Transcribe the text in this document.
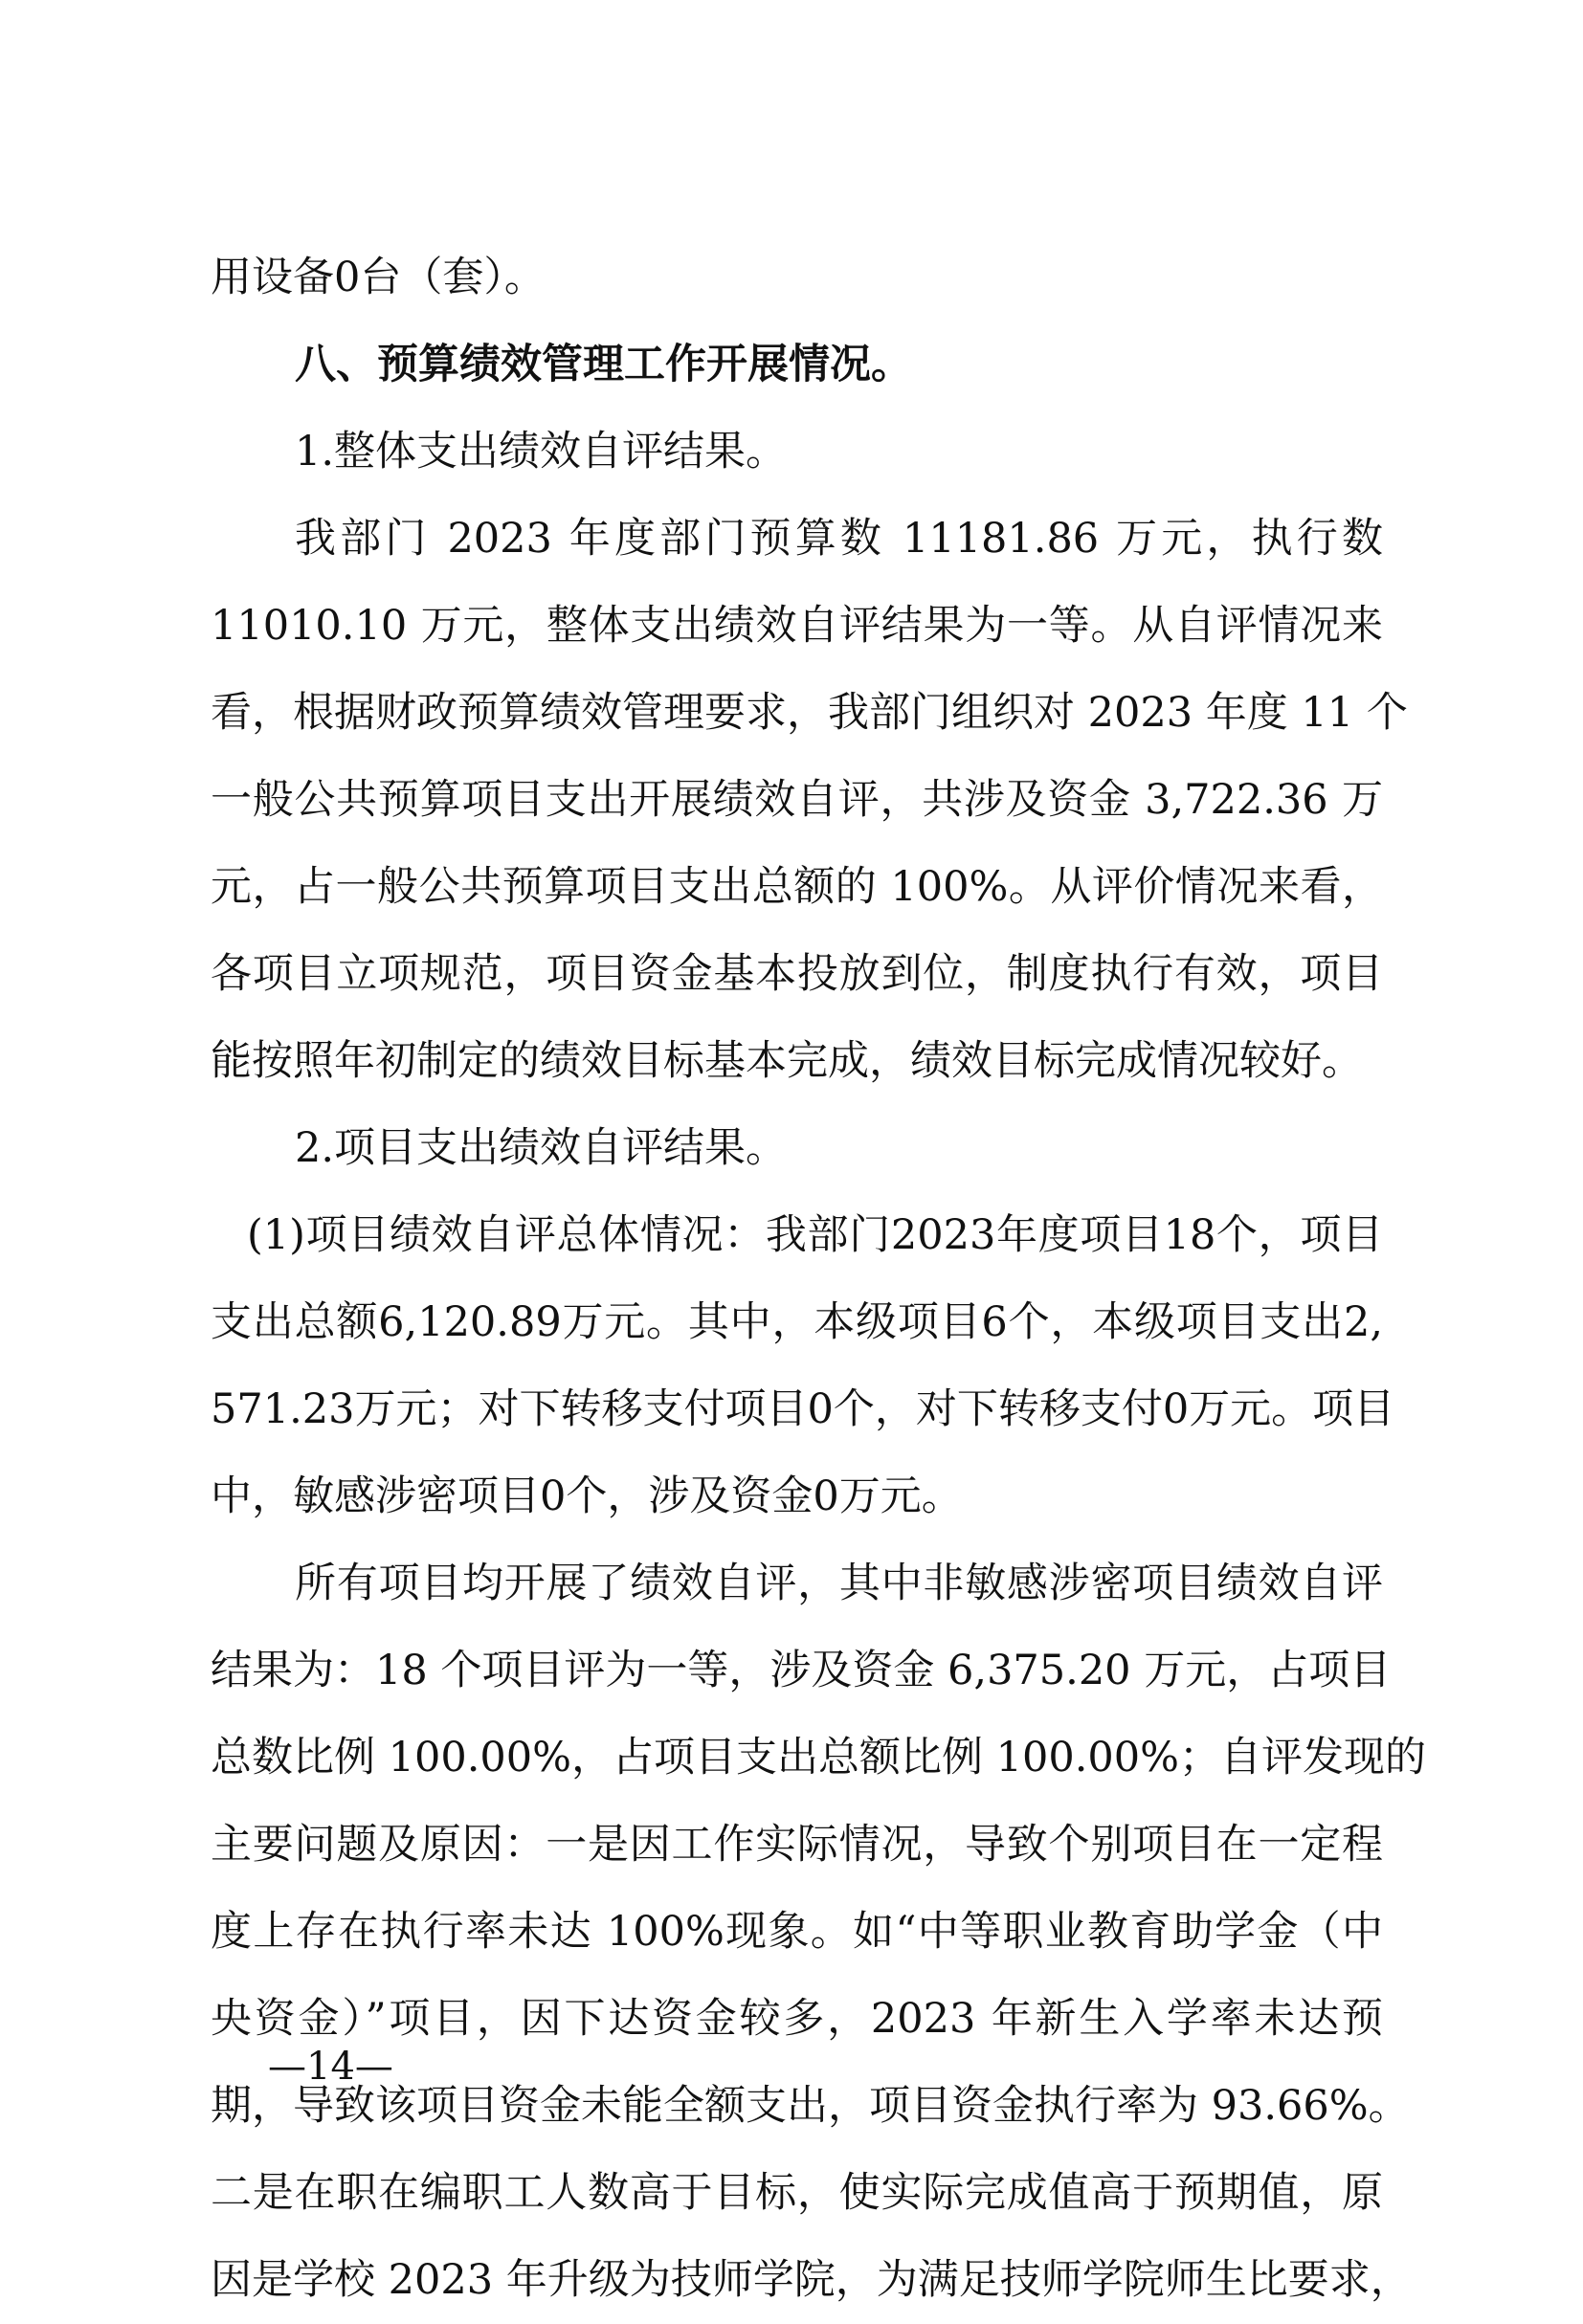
用设备0台（套）。
八、预算绩效管理工作开展情况。
1.整体支出绩效自评结果。
我部门 2023 年度部门预算数 11181.86 万元，执行数
11010.10 万元，整体支出绩效自评结果为一等。从自评情况来
看，根据财政预算绩效管理要求，我部门组织对 2023 年度 11 个
一般公共预算项目支出开展绩效自评，共涉及资金 3,722.36 万
元，占一般公共预算项目支出总额的 100%。从评价情况来看，
各项目立项规范，项目资金基本投放到位，制度执行有效，项目
能按照年初制定的绩效目标基本完成，绩效目标完成情况较好。
2.项目支出绩效自评结果。
(1)项目绩效自评总体情况：我部门2023年度项目18个，项目
支出总额6,120.89万元。其中，本级项目6个，本级项目支出2,
571.23万元；对下转移支付项目0个，对下转移支付0万元。项目
中，敏感涉密项目0个，涉及资金0万元。
所有项目均开展了绩效自评，其中非敏感涉密项目绩效自评
结果为：18 个项目评为一等，涉及资金 6,375.20 万元，占项目
总数比例 100.00%，占项目支出总额比例 100.00%；自评发现的
主要问题及原因：一是因工作实际情况，导致个别项目在一定程
度上存在执行率未达 100%现象。如“中等职业教育助学金（中
央资金）”项目，因下达资金较多，2023 年新生入学率未达预
期，导致该项目资金未能全额支出，项目资金执行率为 93.66%。
二是在职在编职工人数高于目标，使实际完成值高于预期值，原
因是学校 2023 年升级为技师学院，为满足技师学院师生比要求，
—14—
